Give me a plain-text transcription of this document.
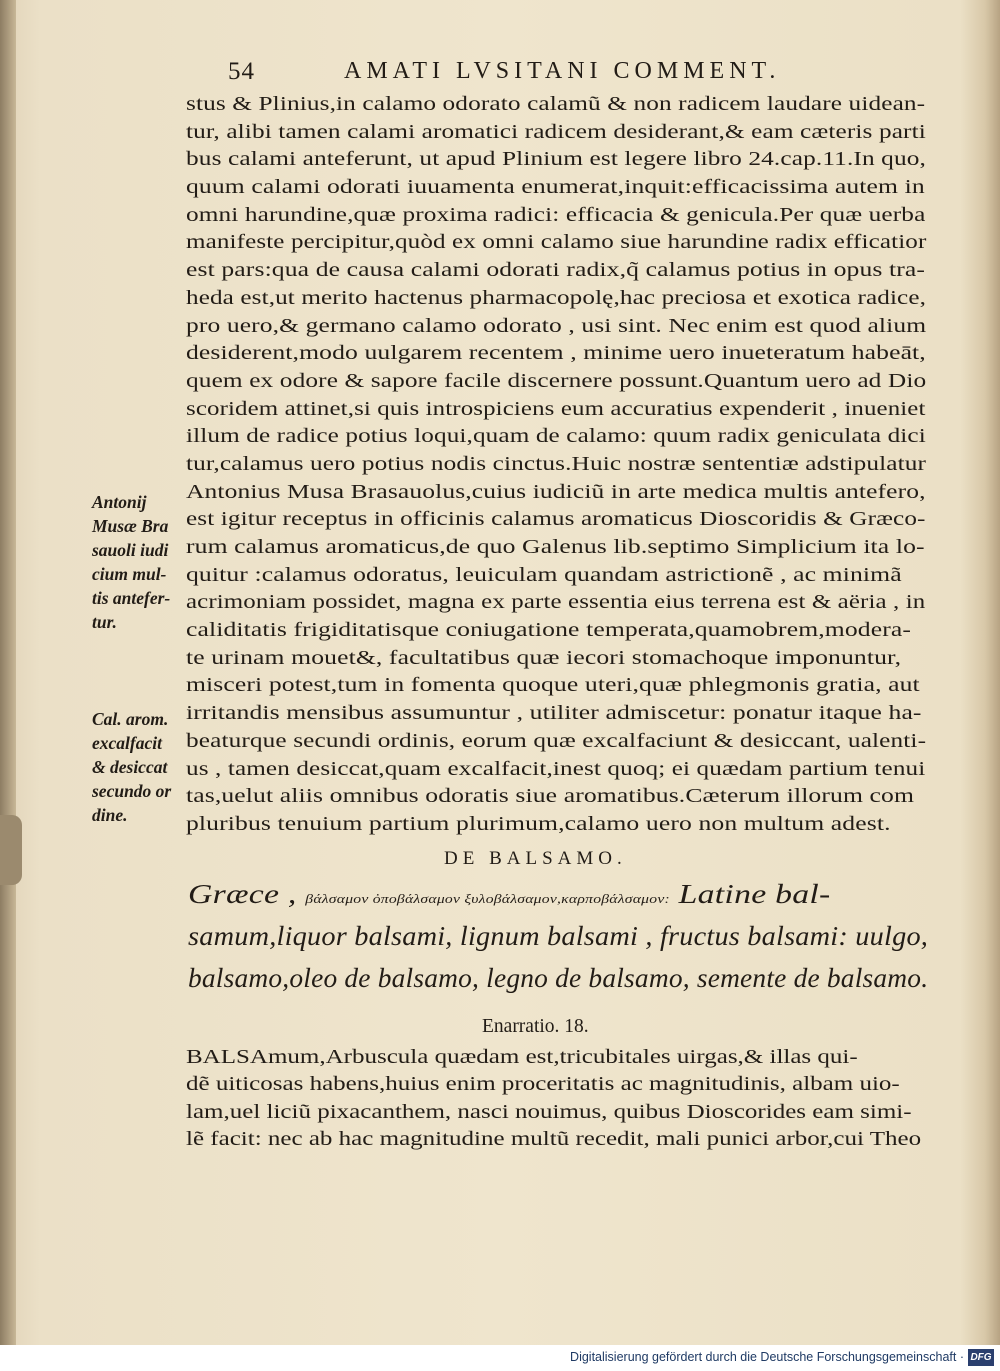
54	AMATI LVSITANI COMMENT.
stus & Plinius,in calamo odorato calamũ & non radicem laudare uidean-
tur, alibi tamen calami aromatici radicem desiderant,& eam cæteris parti
bus calami anteferunt, ut apud Plinium est legere libro 24.cap.11.In quo,
quum calami odorati iuuamenta enumerat,inquit:efficacissima autem in
omni harundine,quæ proxima radici: efficacia & genicula.Per quæ uerba
manifeste percipitur,quòd ex omni calamo siue harundine radix efficatior
est pars:qua de causa calami odorati radix,q̃ calamus potius in opus tra-
heda est,ut merito hactenus pharmacopolę,hac preciosa et exotica radice,
pro uero,& germano calamo odorato , usi sint. Nec enim est quod alium
desiderent,modo uulgarem recentem , minime uero inueteratum habeāt,
quem ex odore & sapore facile discernere possunt.Quantum uero ad Dio
scoridem attinet,si quis introspiciens eum accuratius expenderit , inueniet
illum de radice potius loqui,quam de calamo: quum radix geniculata dici
tur,calamus uero potius nodis cinctus.Huic nostræ sententiæ adstipulatur
Antonius Musa Brasauolus,cuius iudiciũ in arte medica multis antefero,
est igitur receptus in officinis calamus aromaticus Dioscoridis & Græco-
rum calamus aromaticus,de quo Galenus lib.septimo Simplicium ita lo-
quitur :calamus odoratus, leuiculam quandam astrictionẽ , ac minimã
acrimoniam possidet, magna ex parte essentia eius terrena est & aëria , in
caliditatis frigiditatisque coniugatione temperata,quamobrem,modera-
te urinam mouet&, facultatibus quæ iecori stomachoque imponuntur,
misceri potest,tum in fomenta quoque uteri,quæ phlegmonis gratia, aut
irritandis mensibus assumuntur , utiliter admiscetur: ponatur itaque ha-
beaturque secundi ordinis, eorum quæ excalfaciunt & desiccant, ualenti-
us , tamen desiccat,quam excalfacit,inest quoq; ei quædam partium tenui
tas,uelut aliis omnibus odoratis siue aromatibus.Cæterum illorum com
pluribus tenuium partium plurimum,calamo uero non multum adest.
Antonij
Musæ Bra
sauoli iudi
cium mul-
tis antefer-
tur.
Cal. arom.
excalfacit
& desiccat
secundo or
dine.
DE BALSAMO.
Græce , βάλσαμον ὀποβάλσαμον ξυλοβάλσαμον,καρποβάλσαμον: Latine bal-
samum,liquor balsami, lignum balsami , fructus balsami: uulgo,
balsamo,oleo de balsamo, legno de balsamo, semente de balsamo.
Enarratio. 18.
BALSAmum,Arbuscula quædam est,tricubitales uirgas,& illas qui-
dẽ uiticosas habens,huius enim proceritatis ac magnitudinis, albam uio-
lam,uel liciũ pixacanthem, nasci nouimus, quibus Dioscorides eam simi-
lẽ facit: nec ab hac magnitudine multũ recedit, mali punici arbor,cui Theo
Digitalisierung gefördert durch die Deutsche Forschungsgemeinschaft · DFG
